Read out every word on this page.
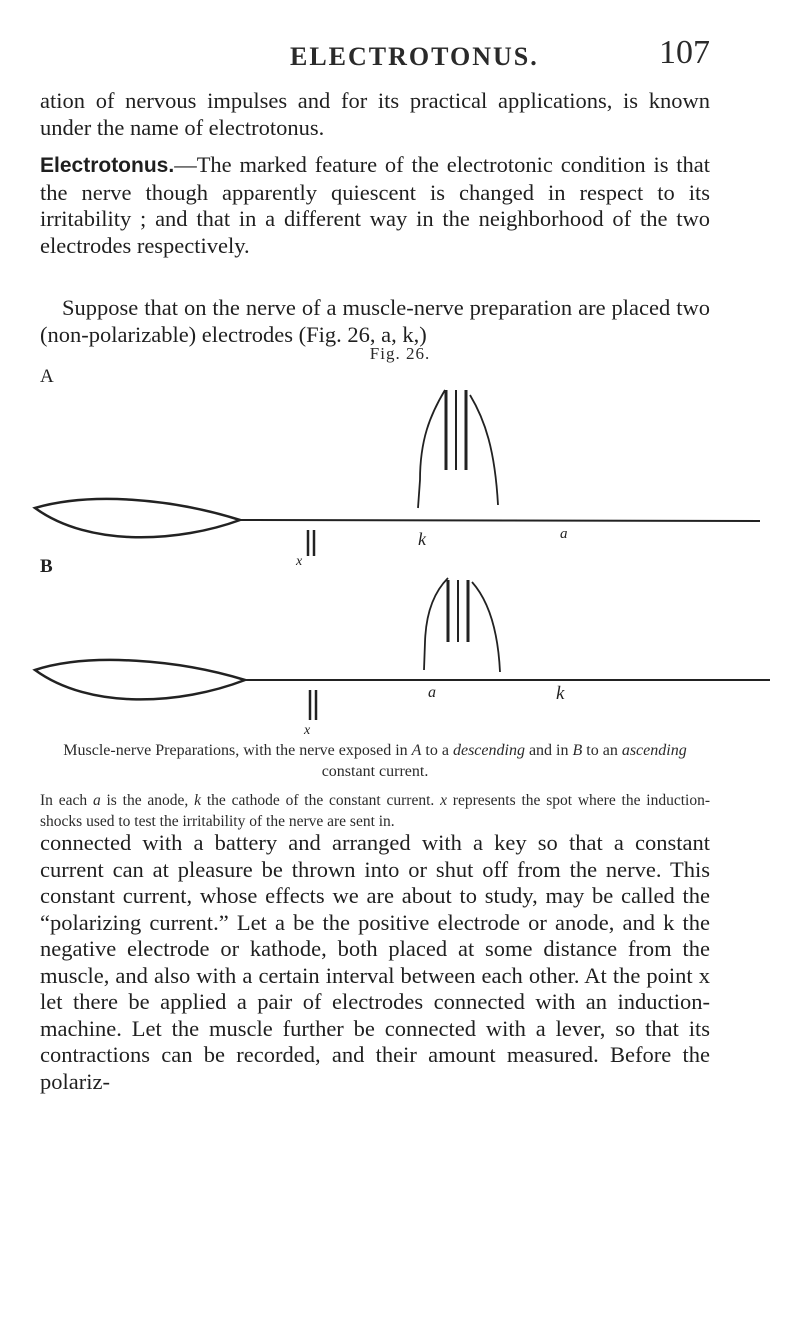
ELECTROTONUS.	107

ation of nervous impulses and for its practical applications, is known under the name of electrotonus.

Electrotonus.—The marked feature of the electrotonic condition is that the nerve though apparently quiescent is changed in respect to its irritability ; and that in a different way in the neighborhood of the two electrodes respectively.

Suppose that on the nerve of a muscle-nerve preparation are placed two (non-polarizable) electrodes (Fig. 26, a, k,)

Fig. 26.
A
x
k	a
B
x
a	k
Muscle-nerve Preparations, with the nerve exposed in A to a descending and in B to an ascending constant current.
In each a is the anode, k the cathode of the constant current. x represents the spot where the induction-shocks used to test the irritability of the nerve are sent in.

connected with a battery and arranged with a key so that a constant current can at pleasure be thrown into or shut off from the nerve. This constant current, whose effects we are about to study, may be called the “polarizing current.” Let a be the positive electrode or anode, and k the negative electrode or kathode, both placed at some distance from the muscle, and also with a certain interval between each other. At the point x let there be applied a pair of electrodes connected with an induction-machine. Let the muscle further be connected with a lever, so that its contractions can be recorded, and their amount measured. Before the polariz-
